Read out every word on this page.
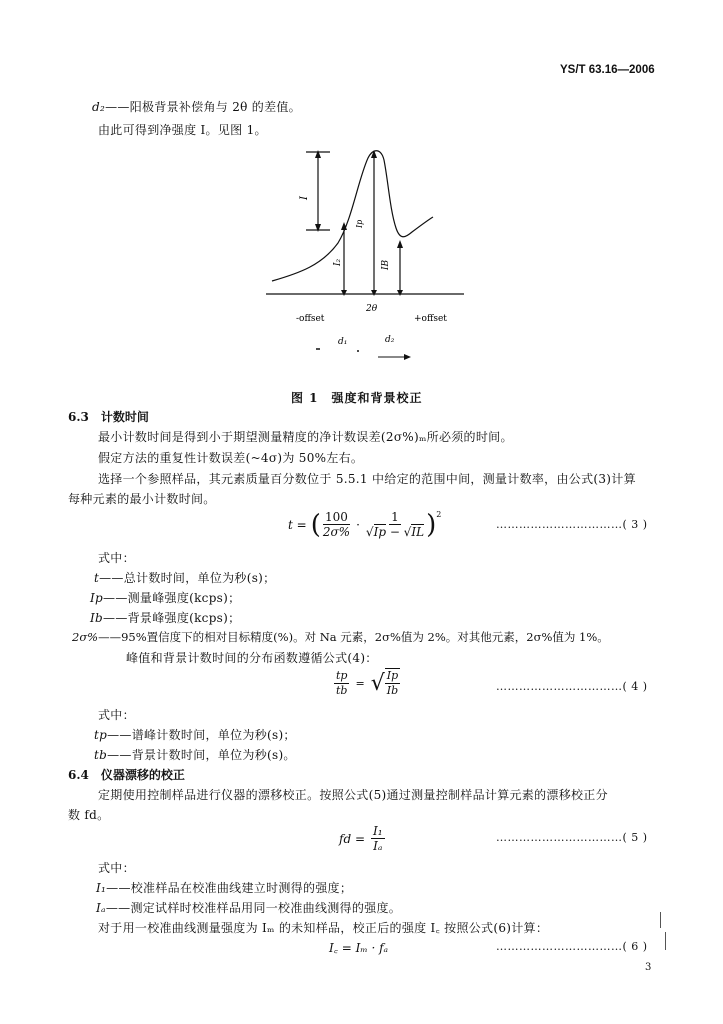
YS/T 63.16—2006
d₂——阳极背景补偿角与 2θ 的差值。
由此可得到净强度 I。见图 1。
I
Ip
I₂	IB
2θ
-offset	+offset
d₁	d₂
图 1　强度和背景校正
6.3　计数时间
最小计数时间是得到小于期望测量精度的净计数误差(2σ%)ₘ所必须的时间。
假定方法的重复性计数误差(~4σ)为 50%左右。
选择一个参照样品，其元素质量百分数位于 5.5.1 中给定的范围中间，测量计数率，由公式(3)计算
每种元素的最小计数时间。
t = ( $\frac{100}{2\sigma\%} \cdot \frac{1}{√Ip - √IL} )^2$
……………………………( 3 )
式中：
t——总计数时间，单位为秒(s)；
Ip——测量峰强度(kcps)；
Ib——背景峰强度(kcps)；
2σ%——95%置信度下的相对目标精度(%)。对 Na 元素，2σ%值为 2%。对其他元素，2σ%值为 1%。
峰值和背景计数时间的分布函数遵循公式(4)：
$\frac{tp}{tb}$ = √ $\frac{Ip}{Ib}$	……………………………( 4 )
式中：
tp——谱峰计数时间，单位为秒(s)；
tb——背景计数时间，单位为秒(s)。
6.4　仪器漂移的校正
定期使用控制样品进行仪器的漂移校正。按照公式(5)通过测量控制样品计算元素的漂移校正分
数 fd。
fd = $\frac{\text{I₁}}{\text{Iₐ}}$	……………………………( 5 )
式中：
I₁——校准样品在校准曲线建立时测得的强度；
Iₐ——测定试样时校准样品用同一校准曲线测得的强度。
对于用一校准曲线测量强度为 Iₘ 的未知样品，校正后的强度 I꜀ 按照公式(6)计算：
I꜀ = Iₘ · fₐ	……………………………( 6 )
3
